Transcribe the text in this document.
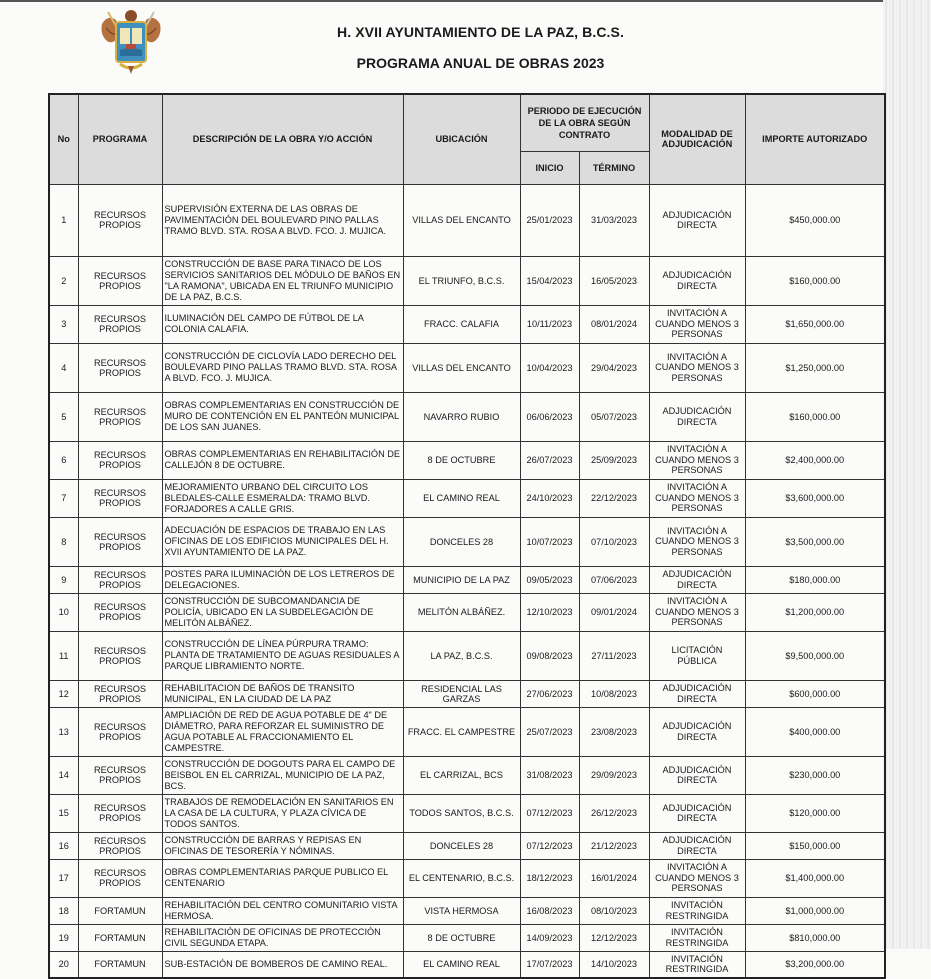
H. XVII AYUNTAMIENTO DE LA PAZ, B.C.S.
PROGRAMA ANUAL DE OBRAS 2023
No	PROGRAMA	DESCRIPCIÓN DE LA OBRA Y/O ACCIÓN	UBICACIÓN	PERIODO DE EJECUCIÓN DE LA OBRA SEGÚN CONTRATO		MODALIDAD DE ADJUDICACIÓN	IMPORTE AUTORIZADO
				INICIO	TÉRMINO		
1	RECURSOS PROPIOS	SUPERVISIÓN EXTERNA DE LAS OBRAS DE PAVIMENTACIÓN DEL BOULEVARD PINO PALLAS TRAMO BLVD. STA. ROSA A BLVD. FCO. J. MUJICA.	VILLAS DEL ENCANTO	25/01/2023	31/03/2023	ADJUDICACIÓN DIRECTA	$450,000.00
2	RECURSOS PROPIOS	CONSTRUCCIÓN DE BASE PARA TINACO DE LOS SERVICIOS SANITARIOS DEL MÓDULO DE BAÑOS EN "LA RAMONA", UBICADA EN EL TRIUNFO MUNICIPIO DE LA PAZ, B.C.S.	EL TRIUNFO, B.C.S.	15/04/2023	16/05/2023	ADJUDICACIÓN DIRECTA	$160,000.00
3	RECURSOS PROPIOS	ILUMINACIÓN DEL CAMPO DE FÚTBOL DE LA COLONIA CALAFIA.	FRACC. CALAFIA	10/11/2023	08/01/2024	INVITACIÓN A CUANDO MENOS 3 PERSONAS	$1,650,000.00
4	RECURSOS PROPIOS	CONSTRUCCIÓN DE CICLOVÍA LADO DERECHO DEL BOULEVARD PINO PALLAS TRAMO BLVD. STA. ROSA A BLVD. FCO. J. MUJICA.	VILLAS DEL ENCANTO	10/04/2023	29/04/2023	INVITACIÓN A CUANDO MENOS 3 PERSONAS	$1,250,000.00
5	RECURSOS PROPIOS	OBRAS COMPLEMENTARIAS EN CONSTRUCCIÓN DE MURO DE CONTENCIÓN EN EL PANTEÓN MUNICIPAL DE LOS SAN JUANES.	NAVARRO RUBIO	06/06/2023	05/07/2023	ADJUDICACIÓN DIRECTA	$160,000.00
6	RECURSOS PROPIOS	OBRAS COMPLEMENTARIAS EN REHABILITACIÓN DE CALLEJÓN 8 DE OCTUBRE.	8 DE OCTUBRE	26/07/2023	25/09/2023	INVITACIÓN A CUANDO MENOS 3 PERSONAS	$2,400,000.00
7	RECURSOS PROPIOS	MEJORAMIENTO URBANO DEL CIRCUITO LOS BLEDALES-CALLE ESMERALDA: TRAMO BLVD. FORJADORES A CALLE GRIS.	EL CAMINO REAL	24/10/2023	22/12/2023	INVITACIÓN A CUANDO MENOS 3 PERSONAS	$3,600,000.00
8	RECURSOS PROPIOS	ADECUACIÓN DE ESPACIOS DE TRABAJO EN LAS OFICINAS DE LOS EDIFICIOS MUNICIPALES DEL H. XVII AYUNTAMIENTO DE LA PAZ.	DONCELES 28	10/07/2023	07/10/2023	INVITACIÓN A CUANDO MENOS 3 PERSONAS	$3,500,000.00
9	RECURSOS PROPIOS	POSTES PARA ILUMINACIÓN DE LOS LETREROS DE DELEGACIONES.	MUNICIPIO DE LA PAZ	09/05/2023	07/06/2023	ADJUDICACIÓN DIRECTA	$180,000.00
10	RECURSOS PROPIOS	CONSTRUCCIÓN DE SUBCOMANDANCIA DE POLICÍA, UBICADO EN LA SUBDELEGACIÓN DE MELITÓN ALBÁÑEZ.	MELITÓN ALBÁÑEZ.	12/10/2023	09/01/2024	INVITACIÓN A CUANDO MENOS 3 PERSONAS	$1,200,000.00
11	RECURSOS PROPIOS	CONSTRUCCIÓN DE LÍNEA PÚRPURA TRAMO: PLANTA DE TRATAMIENTO DE AGUAS RESIDUALES A PARQUE LIBRAMIENTO NORTE.	LA PAZ, B.C.S.	09/08/2023	27/11/2023	LICITACIÓN PÚBLICA	$9,500,000.00
12	RECURSOS PROPIOS	REHABILITACION DE BAÑOS DE TRANSITO MUNICIPAL, EN LA CIUDAD DE LA PAZ	RESIDENCIAL LAS GARZAS	27/06/2023	10/08/2023	ADJUDICACIÓN DIRECTA	$600,000.00
13	RECURSOS PROPIOS	AMPLIACIÓN DE RED DE AGUA POTABLE DE 4" DE DIÁMETRO, PARA REFORZAR EL SUMINISTRO DE AGUA POTABLE AL FRACCIONAMIENTO EL CAMPESTRE.	FRACC. EL CAMPESTRE	25/07/2023	23/08/2023	ADJUDICACIÓN DIRECTA	$400,000.00
14	RECURSOS PROPIOS	CONSTRUCCIÓN DE DOGOUTS PARA EL CAMPO DE BEISBOL EN EL CARRIZAL, MUNICIPIO DE LA PAZ, BCS.	EL CARRIZAL, BCS	31/08/2023	29/09/2023	ADJUDICACIÓN DIRECTA	$230,000.00
15	RECURSOS PROPIOS	TRABAJOS DE REMODELACIÓN EN SANITARIOS EN LA CASA DE LA CULTURA, Y PLAZA CÍVICA DE TODOS SANTOS.	TODOS SANTOS, B.C.S.	07/12/2023	26/12/2023	ADJUDICACIÓN DIRECTA	$120,000.00
16	RECURSOS PROPIOS	CONSTRUCCIÓN DE BARRAS Y REPISAS EN OFICINAS DE TESORERÍA Y NÓMINAS.	DONCELES 28	07/12/2023	21/12/2023	ADJUDICACIÓN DIRECTA	$150,000.00
17	RECURSOS PROPIOS	OBRAS COMPLEMENTARIAS PARQUE PUBLICO EL CENTENARIO	EL CENTENARIO, B.C.S.	18/12/2023	16/01/2024	INVITACIÓN A CUANDO MENOS 3 PERSONAS	$1,400,000.00
18	FORTAMUN	REHABILITACIÓN DEL CENTRO COMUNITARIO VISTA HERMOSA.	VISTA HERMOSA	16/08/2023	08/10/2023	INVITACIÓN RESTRINGIDA	$1,000,000.00
19	FORTAMUN	REHABILITACIÓN DE OFICINAS DE PROTECCIÓN CIVIL SEGUNDA ETAPA.	8 DE OCTUBRE	14/09/2023	12/12/2023	INVITACIÓN RESTRINGIDA	$810,000.00
20	FORTAMUN	SUB-ESTACIÓN DE BOMBEROS DE CAMINO REAL.	EL CAMINO REAL	17/07/2023	14/10/2023	INVITACIÓN RESTRINGIDA	$3,200,000.00
